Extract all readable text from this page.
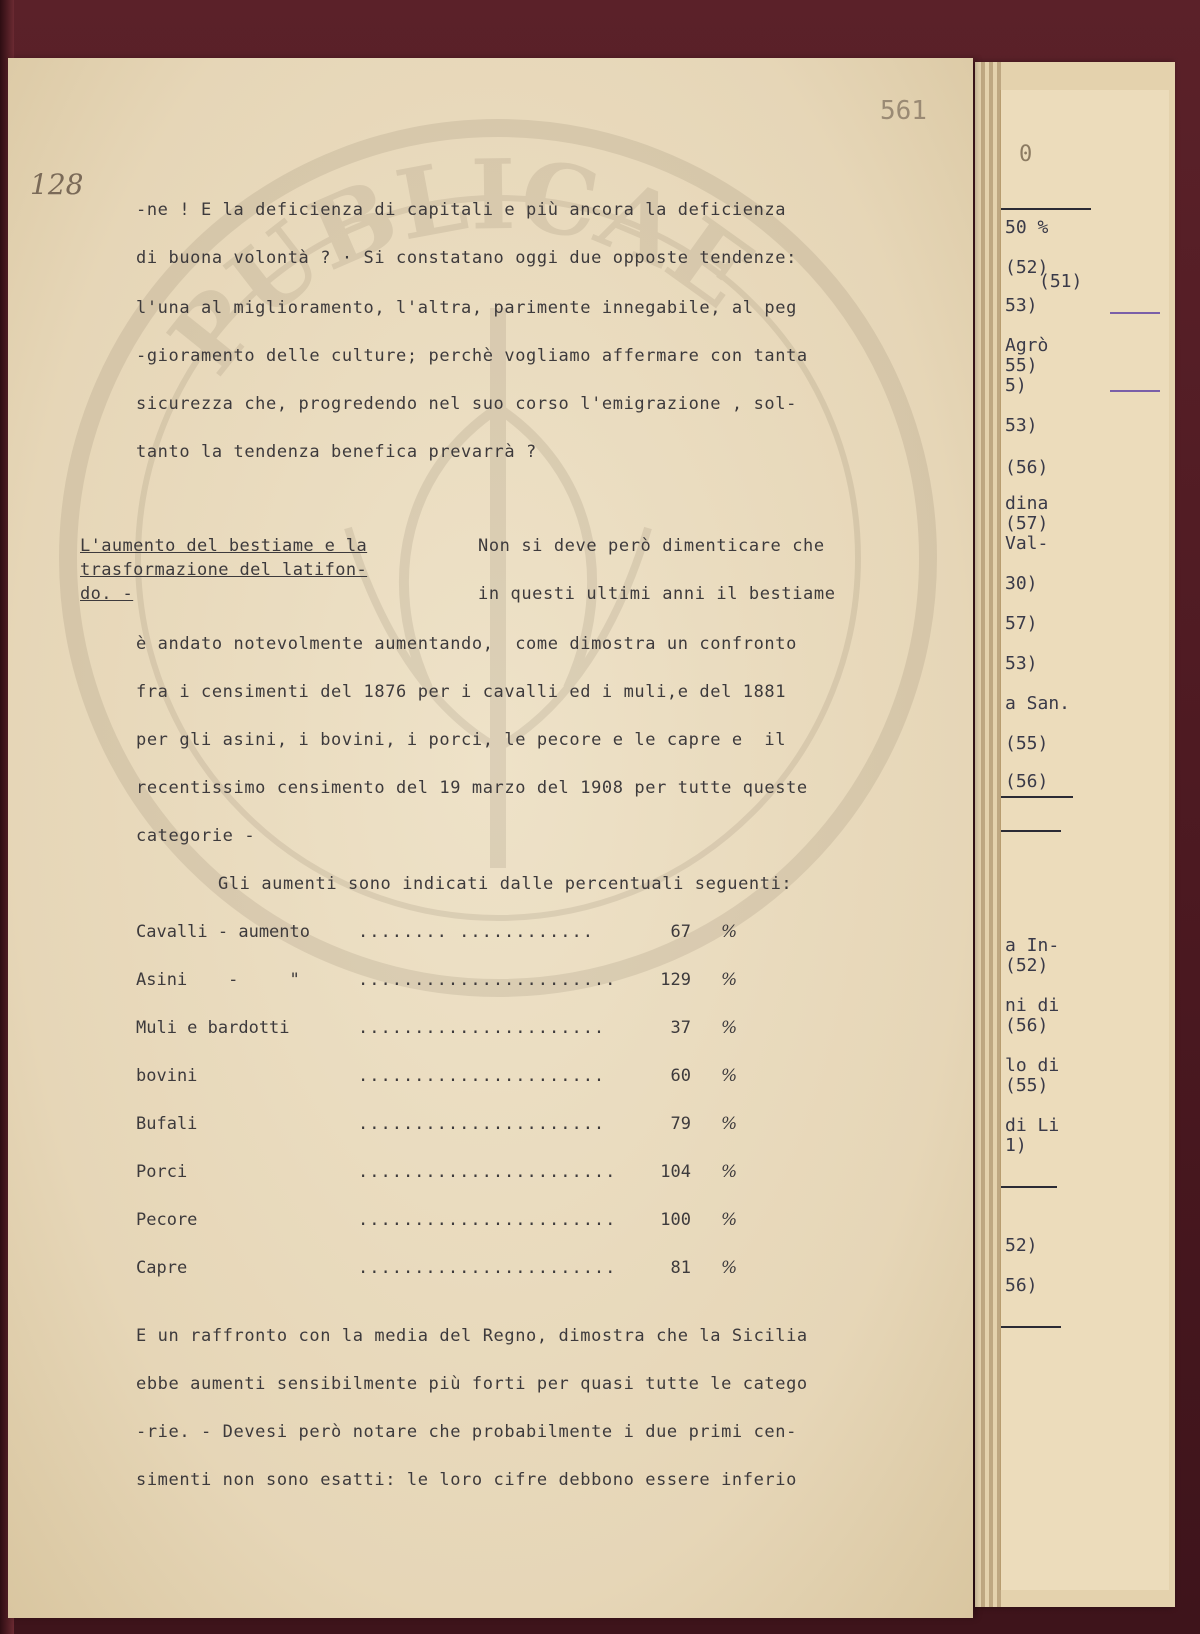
0
50 %
(52)
(51)
53)
Agrò
55)
5)
53)
(56)
dina
(57)
Val-
30)
57)
53)
a San.
(55)
(56)
a In-
(52)
ni di
(56)
lo di
(55)
di Li
1)
52)
56)
PUBLICAE
561
128
-ne ! E la deficienza di capitali e più ancora la deficienza
di buona volontà ? · Si constatano oggi due opposte tendenze:
l'una al miglioramento, l'altra, parimente innegabile, al peg
-gioramento delle culture; perchè vogliamo affermare con tanta
sicurezza che, progredendo nel suo corso l'emigrazione , sol-
tanto la tendenza benefica prevarrà ?
L'aumento del bestiame e la
trasformazione del latifon-
do. -
Non si deve però dimenticare che
in questi ultimi anni il bestiame
è andato notevolmente aumentando,  come dimostra un confronto
fra i censimenti del 1876 per i cavalli ed i muli,e del 1881
per gli asini, i bovini, i porci, le pecore e le capre e  il
recentissimo censimento del 19 marzo del 1908 per tutte queste
categorie -
Gli aumenti sono indicati dalle percentuali seguenti:
Cavalli - aumento	........ ............	67 %
Asini    -     "	.......................	129 %
Muli e bardotti	......................	37 %
bovini	......................	60 %
Bufali	......................	79 %
Porci	.......................	104 %
Pecore	.......................	100 %
Capre	.......................	81 %
E un raffronto con la media del Regno, dimostra che la Sicilia
ebbe aumenti sensibilmente più forti per quasi tutte le catego
-rie. - Devesi però notare che probabilmente i due primi cen-
simenti non sono esatti: le loro cifre debbono essere inferio
